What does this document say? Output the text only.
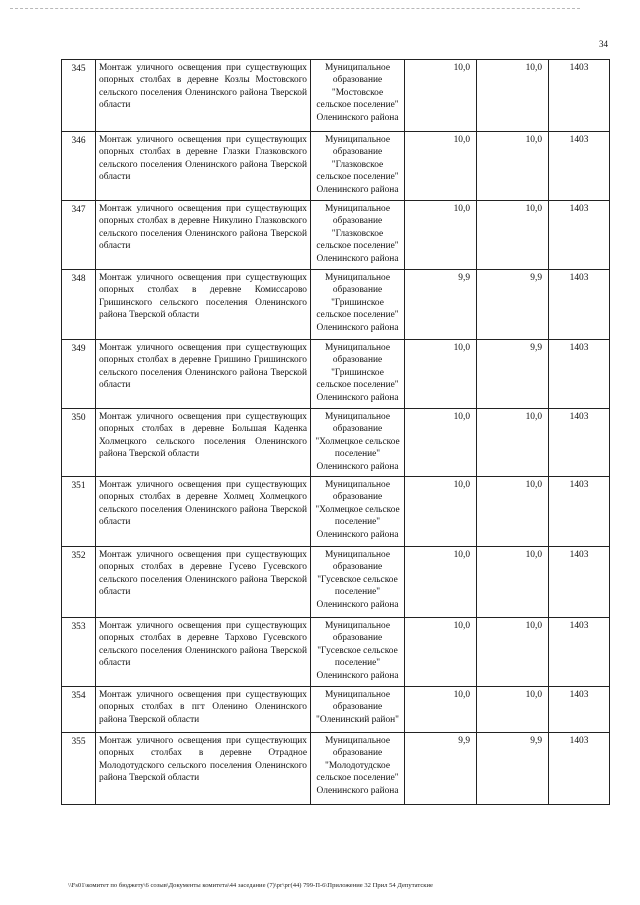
34
345	Монтаж уличного освещения при существующих опорных столбах в деревне Козлы Мостовского сельского поселения Оленинского района Тверской области	Муниципальное образование "Мостовское сельское поселение" Оленинского района	10,0	10,0	1403
346	Монтаж уличного освещения при существующих опорных столбах в деревне Глазки Глазковского сельского поселения Оленинского района Тверской области	Муниципальное образование "Глазковское сельское поселение" Оленинского района	10,0	10,0	1403
347	Монтаж уличного освещения при существующих опорных столбах в деревне Никулино Глазковского сельского поселения Оленинского района Тверской области	Муниципальное образование "Глазковское сельское поселение" Оленинского района	10,0	10,0	1403
348	Монтаж уличного освещения при существующих опорных столбах в деревне Комиссарово Гришинского сельского поселения Оленинского района Тверской области	Муниципальное образование "Гришинское сельское поселение" Оленинского района	9,9	9,9	1403
349	Монтаж уличного освещения при существующих опорных столбах в деревне Гришино Гришинского сельского поселения Оленинского района Тверской области	Муниципальное образование "Гришинское сельское поселение" Оленинского района	10,0	9,9	1403
350	Монтаж уличного освещения при существующих опорных столбах в деревне Большая Каденка Холмецкого сельского поселения Оленинского района Тверской области	Муниципальное образование "Холмецкое сельское поселение" Оленинского района	10,0	10,0	1403
351	Монтаж уличного освещения при существующих опорных столбах в деревне Холмец Холмецкого сельского поселения Оленинского района Тверской области	Муниципальное образование "Холмецкое сельское поселение" Оленинского района	10,0	10,0	1403
352	Монтаж уличного освещения при существующих опорных столбах в деревне Гусево Гусевского сельского поселения Оленинского района Тверской области	Муниципальное образование "Гусевское сельское поселение" Оленинского района	10,0	10,0	1403
353	Монтаж уличного освещения при существующих опорных столбах в деревне Тархово Гусевского сельского поселения Оленинского района Тверской области	Муниципальное образование "Гусевское сельское поселение" Оленинского района	10,0	10,0	1403
354	Монтаж уличного освещения при существующих опорных столбах в пгт Оленино Оленинского района Тверской области	Муниципальное образование "Оленинский район"	10,0	10,0	1403
355	Монтаж уличного освещения при существующих опорных столбах в деревне Отрадное Молодотудского сельского поселения Оленинского района Тверской области	Муниципальное образование "Молодотудское сельское поселение" Оленинского района	9,9	9,9	1403
\\Fs01\комитет по бюджету\6 созыв\Документы комитета\44 заседание (7)\рг\рг(44) 799-П-6\Приложение 32 Прил 54 Депутатские
